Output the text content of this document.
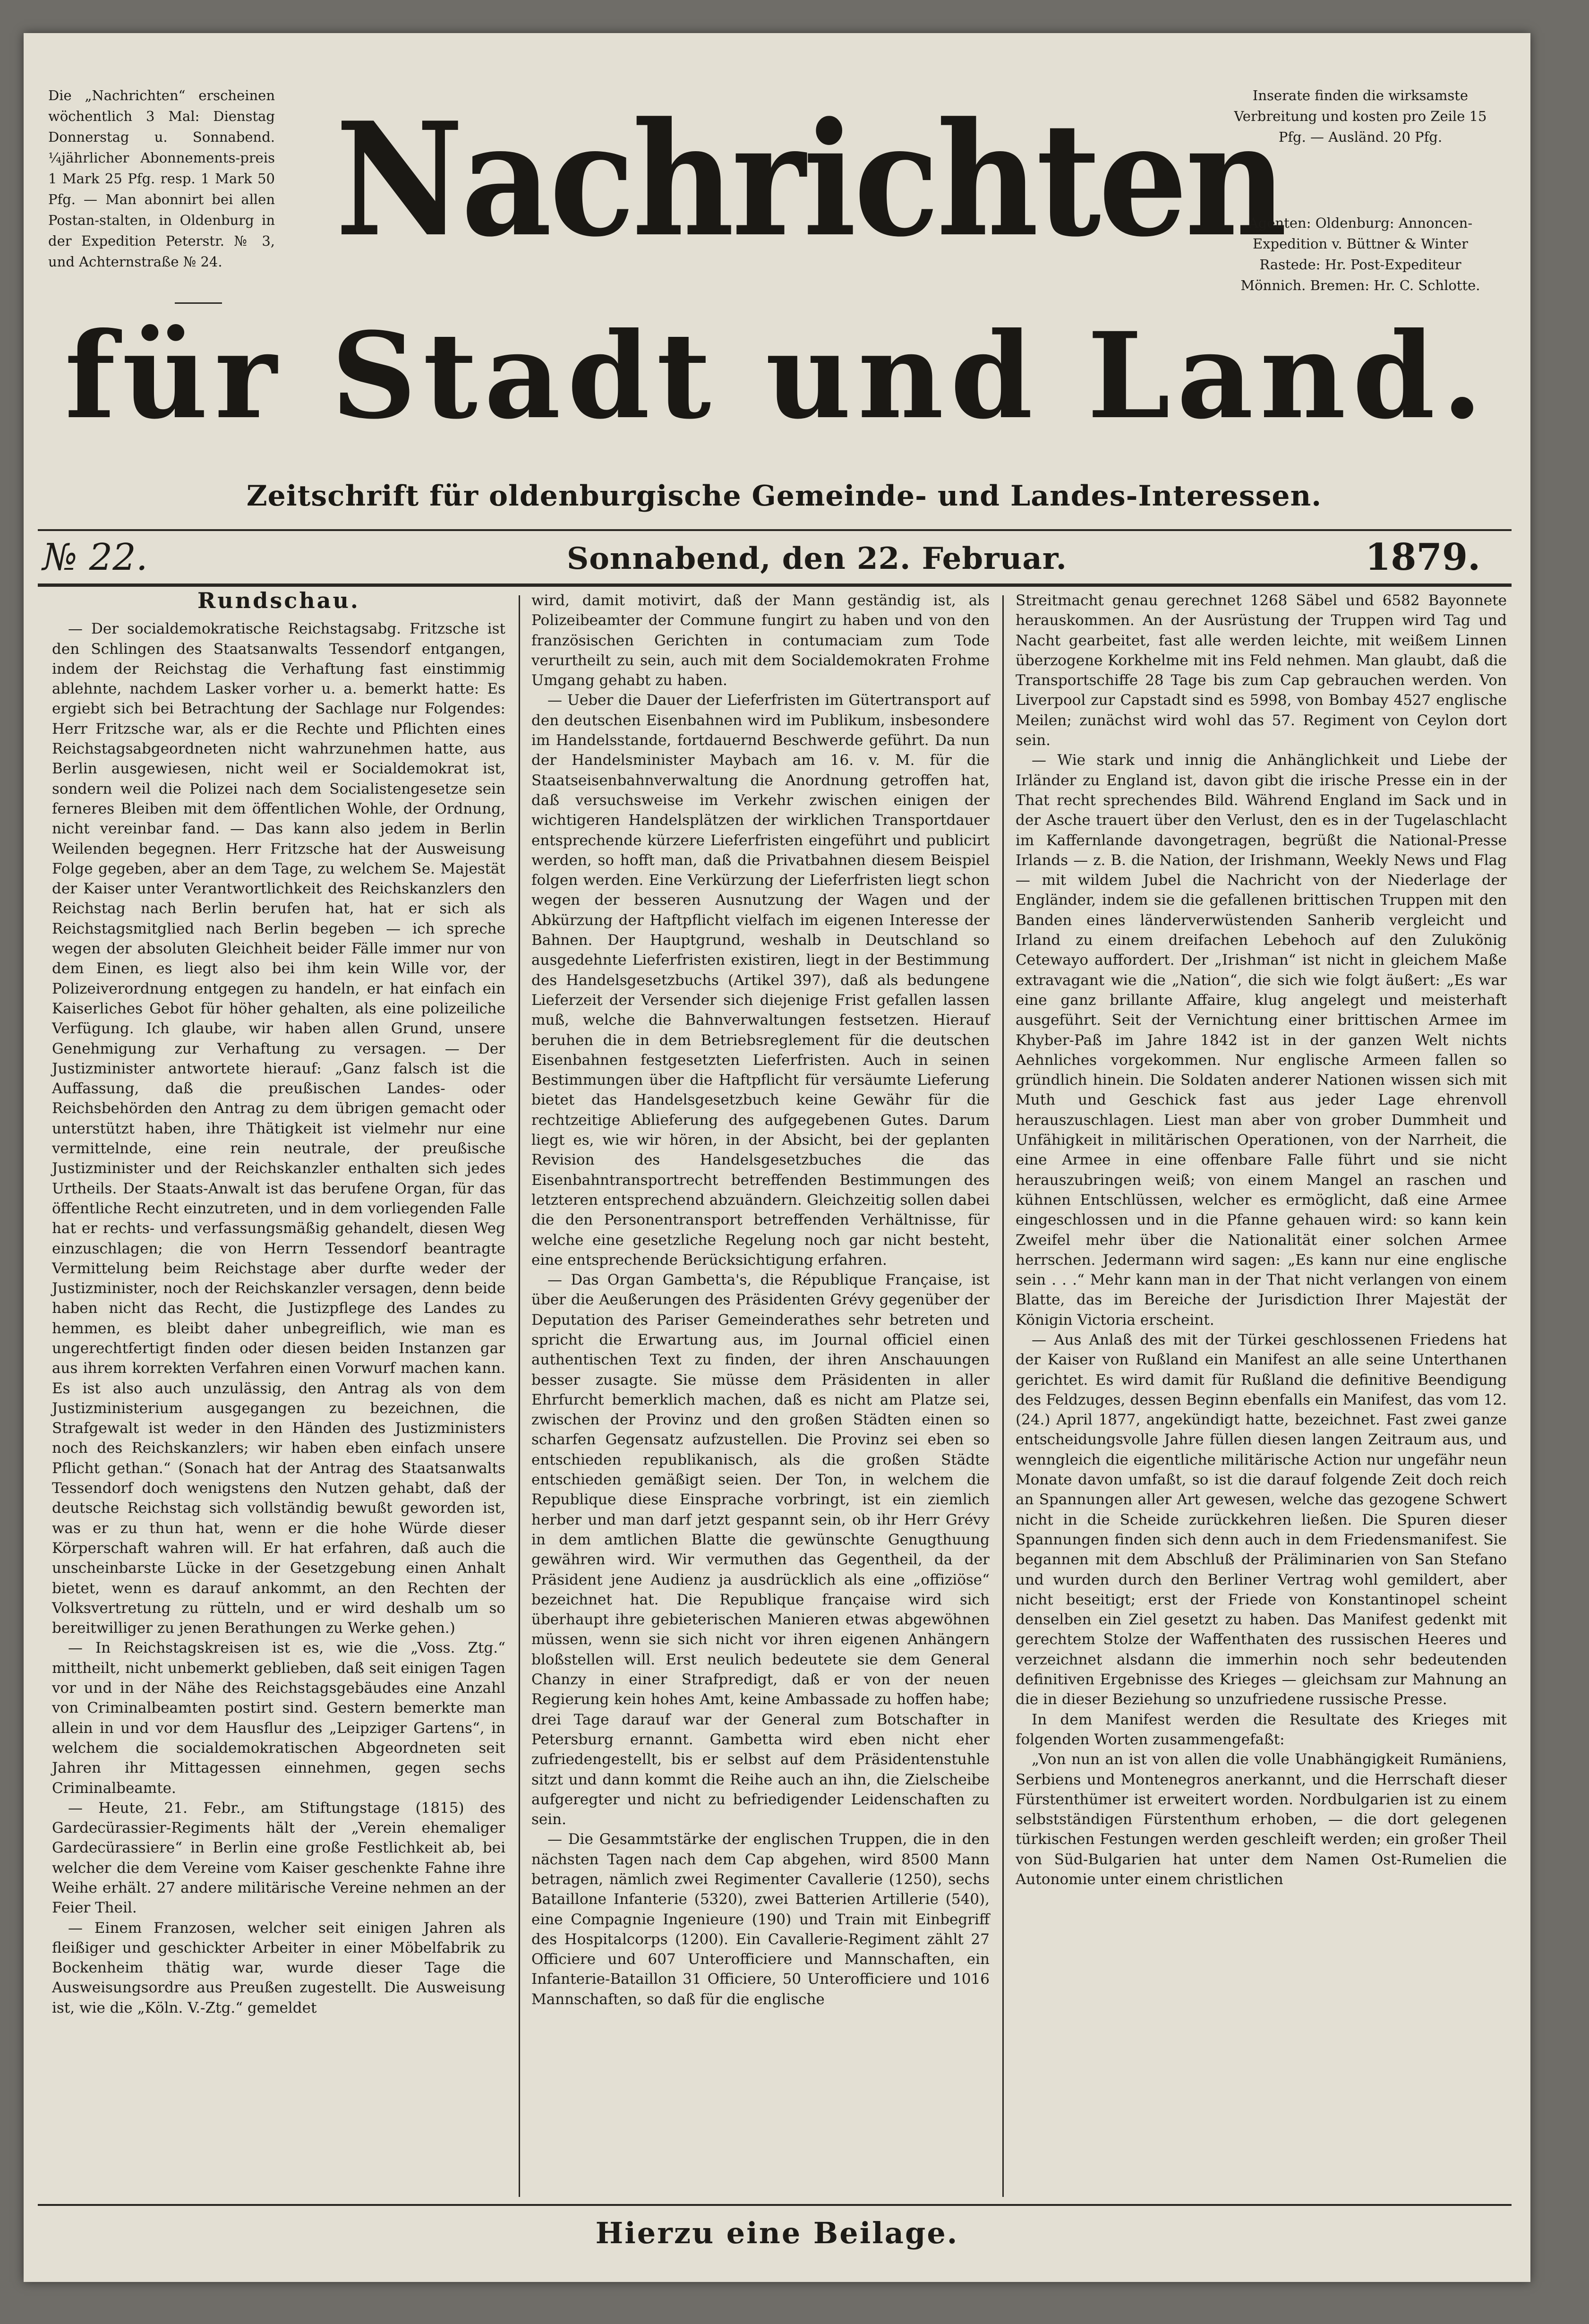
Die „Nachrichten“ erscheinen wöchentlich 3 Mal: Dienstag Donnerstag u. Sonnabend. ¼jährlicher Abonnements-preis 1 Mark 25 Pfg. resp. 1 Mark 50 Pfg. — Man abonnirt bei allen Postan-stalten, in Oldenburg in der Expedition Peterstr. № 3, und Achternstraße № 24. Nachrichten
für Stadt und Land.
Zeitschrift für oldenburgische Gemeinde- und Landes-Interessen.
Inserate finden die wirksamste Verbreitung und kosten pro Zeile 15 Pfg. — Ausländ. 20 Pfg.
Agenten: Oldenburg: Annoncen-Expedition v. Büttner & Winter Rastede: Hr. Post-Expediteur Mönnich. Bremen: Hr. C. Schlotte.
№ 22.	Sonnabend, den 22. Februar.	1879.
Rundschau.

— Der socialdemokratische Reichstagsabg. Fritzsche ist den Schlingen des Staatsanwalts Tessendorf entgangen, indem der Reichstag die Verhaftung fast einstimmig ablehnte, nachdem Lasker vorher u. a. bemerkt hatte: Es ergiebt sich bei Betrachtung der Sachlage nur Folgendes: Herr Fritzsche war, als er die Rechte und Pflichten eines Reichstagsabgeordneten nicht wahrzunehmen hatte, aus Berlin ausgewiesen, nicht weil er Socialdemokrat ist, sondern weil die Polizei nach dem Socialistengesetze sein ferneres Bleiben mit dem öffentlichen Wohle, der Ordnung, nicht vereinbar fand. — Das kann also jedem in Berlin Weilenden begegnen. Herr Fritzsche hat der Ausweisung Folge gegeben, aber an dem Tage, zu welchem Se. Majestät der Kaiser unter Verantwortlichkeit des Reichskanzlers den Reichstag nach Berlin berufen hat, hat er sich als Reichstagsmitglied nach Berlin begeben — ich spreche wegen der absoluten Gleichheit beider Fälle immer nur von dem Einen, es liegt also bei ihm kein Wille vor, der Polizeiverordnung entgegen zu handeln, er hat einfach ein Kaiserliches Gebot für höher gehalten, als eine polizeiliche Verfügung. Ich glaube, wir haben allen Grund, unsere Genehmigung zur Verhaftung zu versagen. — Der Justizminister antwortete hierauf: „Ganz falsch ist die Auffassung, daß die preußischen Landes- oder Reichsbehörden den Antrag zu dem übrigen gemacht oder unterstützt haben, ihre Thätigkeit ist vielmehr nur eine vermittelnde, eine rein neutrale, der preußische Justizminister und der Reichskanzler enthalten sich jedes Urtheils. Der Staats-Anwalt ist das berufene Organ, für das öffentliche Recht einzutreten, und in dem vorliegenden Falle hat er rechts- und verfassungsmäßig gehandelt, diesen Weg einzuschlagen; die von Herrn Tessendorf beantragte Vermittelung beim Reichstage aber durfte weder der Justizminister, noch der Reichskanzler versagen, denn beide haben nicht das Recht, die Justizpflege des Landes zu hemmen, es bleibt daher unbegreiflich, wie man es ungerechtfertigt finden oder diesen beiden Instanzen gar aus ihrem korrekten Verfahren einen Vorwurf machen kann. Es ist also auch unzulässig, den Antrag als von dem Justizministerium ausgegangen zu bezeichnen, die Strafgewalt ist weder in den Händen des Justizministers noch des Reichskanzlers; wir haben eben einfach unsere Pflicht gethan.“ (Sonach hat der Antrag des Staatsanwalts Tessendorf doch wenigstens den Nutzen gehabt, daß der deutsche Reichstag sich vollständig bewußt geworden ist, was er zu thun hat, wenn er die hohe Würde dieser Körperschaft wahren will. Er hat erfahren, daß auch die unscheinbarste Lücke in der Gesetzgebung einen Anhalt bietet, wenn es darauf ankommt, an den Rechten der Volksvertretung zu rütteln, und er wird deshalb um so bereitwilliger zu jenen Berathungen zu Werke gehen.)

— In Reichstagskreisen ist es, wie die „Voss. Ztg.“ mittheilt, nicht unbemerkt geblieben, daß seit einigen Tagen vor und in der Nähe des Reichstagsgebäudes eine Anzahl von Criminalbeamten postirt sind. Gestern bemerkte man allein in und vor dem Hausflur des „Leipziger Gartens“, in welchem die socialdemokratischen Abgeordneten seit Jahren ihr Mittagessen einnehmen, gegen sechs Criminalbeamte.

— Heute, 21. Febr., am Stiftungstage (1815) des Gardecürassier-Regiments hält der „Verein ehemaliger Gardecürassiere“ in Berlin eine große Festlichkeit ab, bei welcher die dem Vereine vom Kaiser geschenkte Fahne ihre Weihe erhält. 27 andere militärische Vereine nehmen an der Feier Theil.

— Einem Franzosen, welcher seit einigen Jahren als fleißiger und geschickter Arbeiter in einer Möbelfabrik zu Bockenheim thätig war, wurde dieser Tage die Ausweisungsordre aus Preußen zugestellt. Die Ausweisung ist, wie die „Köln. V.-Ztg.“ gemeldet

wird, damit motivirt, daß der Mann geständig ist, als Polizeibeamter der Commune fungirt zu haben und von den französischen Gerichten in contumaciam zum Tode verurtheilt zu sein, auch mit dem Socialdemokraten Frohme Umgang gehabt zu haben.

— Ueber die Dauer der Lieferfristen im Gütertransport auf den deutschen Eisenbahnen wird im Publikum, insbesondere im Handelsstande, fortdauernd Beschwerde geführt. Da nun der Handelsminister Maybach am 16. v. M. für die Staatseisenbahnverwaltung die Anordnung getroffen hat, daß versuchsweise im Verkehr zwischen einigen der wichtigeren Handelsplätzen der wirklichen Transportdauer entsprechende kürzere Lieferfristen eingeführt und publicirt werden, so hofft man, daß die Privatbahnen diesem Beispiel folgen werden. Eine Verkürzung der Lieferfristen liegt schon wegen der besseren Ausnutzung der Wagen und der Abkürzung der Haftpflicht vielfach im eigenen Interesse der Bahnen. Der Hauptgrund, weshalb in Deutschland so ausgedehnte Lieferfristen existiren, liegt in der Bestimmung des Handelsgesetzbuchs (Artikel 397), daß als bedungene Lieferzeit der Versender sich diejenige Frist gefallen lassen muß, welche die Bahnverwaltungen festsetzen. Hierauf beruhen die in dem Betriebsreglement für die deutschen Eisenbahnen festgesetzten Lieferfristen. Auch in seinen Bestimmungen über die Haftpflicht für versäumte Lieferung bietet das Handelsgesetzbuch keine Gewähr für die rechtzeitige Ablieferung des aufgegebenen Gutes. Darum liegt es, wie wir hören, in der Absicht, bei der geplanten Revision des Handelsgesetzbuches die das Eisenbahntransportrecht betreffenden Bestimmungen des letzteren entsprechend abzuändern. Gleichzeitig sollen dabei die den Personentransport betreffenden Verhältnisse, für welche eine gesetzliche Regelung noch gar nicht besteht, eine entsprechende Berücksichtigung erfahren.

— Das Organ Gambetta's, die République Française, ist über die Aeußerungen des Präsidenten Grévy gegenüber der Deputation des Pariser Gemeinderathes sehr betreten und spricht die Erwartung aus, im Journal officiel einen authentischen Text zu finden, der ihren Anschauungen besser zusagte. Sie müsse dem Präsidenten in aller Ehrfurcht bemerklich machen, daß es nicht am Platze sei, zwischen der Provinz und den großen Städten einen so scharfen Gegensatz aufzustellen. Die Provinz sei eben so entschieden republikanisch, als die großen Städte entschieden gemäßigt seien. Der Ton, in welchem die Republique diese Einsprache vorbringt, ist ein ziemlich herber und man darf jetzt gespannt sein, ob ihr Herr Grévy in dem amtlichen Blatte die gewünschte Genugthuung gewähren wird. Wir vermuthen das Gegentheil, da der Präsident jene Audienz ja ausdrücklich als eine „offiziöse“ bezeichnet hat. Die Republique française wird sich überhaupt ihre gebieterischen Manieren etwas abgewöhnen müssen, wenn sie sich nicht vor ihren eigenen Anhängern bloßstellen will. Erst neulich bedeutete sie dem General Chanzy in einer Strafpredigt, daß er von der neuen Regierung kein hohes Amt, keine Ambassade zu hoffen habe; drei Tage darauf war der General zum Botschafter in Petersburg ernannt. Gambetta wird eben nicht eher zufriedengestellt, bis er selbst auf dem Präsidentenstuhle sitzt und dann kommt die Reihe auch an ihn, die Zielscheibe aufgeregter und nicht zu befriedigender Leidenschaften zu sein.

— Die Gesammtstärke der englischen Truppen, die in den nächsten Tagen nach dem Cap abgehen, wird 8500 Mann betragen, nämlich zwei Regimenter Cavallerie (1250), sechs Bataillone Infanterie (5320), zwei Batterien Artillerie (540), eine Compagnie Ingenieure (190) und Train mit Einbegriff des Hospitalcorps (1200). Ein Cavallerie-Regiment zählt 27 Officiere und 607 Unterofficiere und Mannschaften, ein Infanterie-Bataillon 31 Officiere, 50 Unterofficiere und 1016 Mannschaften, so daß für die englische

Streitmacht genau gerechnet 1268 Säbel und 6582 Bayonnete herauskommen. An der Ausrüstung der Truppen wird Tag und Nacht gearbeitet, fast alle werden leichte, mit weißem Linnen überzogene Korkhelme mit ins Feld nehmen. Man glaubt, daß die Transportschiffe 28 Tage bis zum Cap gebrauchen werden. Von Liverpool zur Capstadt sind es 5998, von Bombay 4527 englische Meilen; zunächst wird wohl das 57. Regiment von Ceylon dort sein.

— Wie stark und innig die Anhänglichkeit und Liebe der Irländer zu England ist, davon gibt die irische Presse ein in der That recht sprechendes Bild. Während England im Sack und in der Asche trauert über den Verlust, den es in der Tugelaschlacht im Kaffernlande davongetragen, begrüßt die National-Presse Irlands — z. B. die Nation, der Irishmann, Weekly News und Flag — mit wildem Jubel die Nachricht von der Niederlage der Engländer, indem sie die gefallenen brittischen Truppen mit den Banden eines länderverwüstenden Sanherib vergleicht und Irland zu einem dreifachen Lebehoch auf den Zulukönig Cetewayo auffordert. Der „Irishman“ ist nicht in gleichem Maße extravagant wie die „Nation“, die sich wie folgt äußert: „Es war eine ganz brillante Affaire, klug angelegt und meisterhaft ausgeführt. Seit der Vernichtung einer brittischen Armee im Khyber-Paß im Jahre 1842 ist in der ganzen Welt nichts Aehnliches vorgekommen. Nur englische Armeen fallen so gründlich hinein. Die Soldaten anderer Nationen wissen sich mit Muth und Geschick fast aus jeder Lage ehrenvoll herauszuschlagen. Liest man aber von grober Dummheit und Unfähigkeit in militärischen Operationen, von der Narrheit, die eine Armee in eine offenbare Falle führt und sie nicht herauszubringen weiß; von einem Mangel an raschen und kühnen Entschlüssen, welcher es ermöglicht, daß eine Armee eingeschlossen und in die Pfanne gehauen wird: so kann kein Zweifel mehr über die Nationalität einer solchen Armee herrschen. Jedermann wird sagen: „Es kann nur eine englische sein . . .“ Mehr kann man in der That nicht verlangen von einem Blatte, das im Bereiche der Jurisdiction Ihrer Majestät der Königin Victoria erscheint.

— Aus Anlaß des mit der Türkei geschlossenen Friedens hat der Kaiser von Rußland ein Manifest an alle seine Unterthanen gerichtet. Es wird damit für Rußland die definitive Beendigung des Feldzuges, dessen Beginn ebenfalls ein Manifest, das vom 12. (24.) April 1877, angekündigt hatte, bezeichnet. Fast zwei ganze entscheidungsvolle Jahre füllen diesen langen Zeitraum aus, und wenngleich die eigentliche militärische Action nur ungefähr neun Monate davon umfaßt, so ist die darauf folgende Zeit doch reich an Spannungen aller Art gewesen, welche das gezogene Schwert nicht in die Scheide zurückkehren ließen. Die Spuren dieser Spannungen finden sich denn auch in dem Friedensmanifest. Sie begannen mit dem Abschluß der Präliminarien von San Stefano und wurden durch den Berliner Vertrag wohl gemildert, aber nicht beseitigt; erst der Friede von Konstantinopel scheint denselben ein Ziel gesetzt zu haben. Das Manifest gedenkt mit gerechtem Stolze der Waffenthaten des russischen Heeres und verzeichnet alsdann die immerhin noch sehr bedeutenden definitiven Ergebnisse des Krieges — gleichsam zur Mahnung an die in dieser Beziehung so unzufriedene russische Presse.

In dem Manifest werden die Resultate des Krieges mit folgenden Worten zusammengefaßt:

„Von nun an ist von allen die volle Unabhängigkeit Rumäniens, Serbiens und Montenegros anerkannt, und die Herrschaft dieser Fürstenthümer ist erweitert worden. Nordbulgarien ist zu einem selbstständigen Fürstenthum erhoben, — die dort gelegenen türkischen Festungen werden geschleift werden; ein großer Theil von Süd-Bulgarien hat unter dem Namen Ost-Rumelien die Autonomie unter einem christlichen

Hierzu eine Beilage.
